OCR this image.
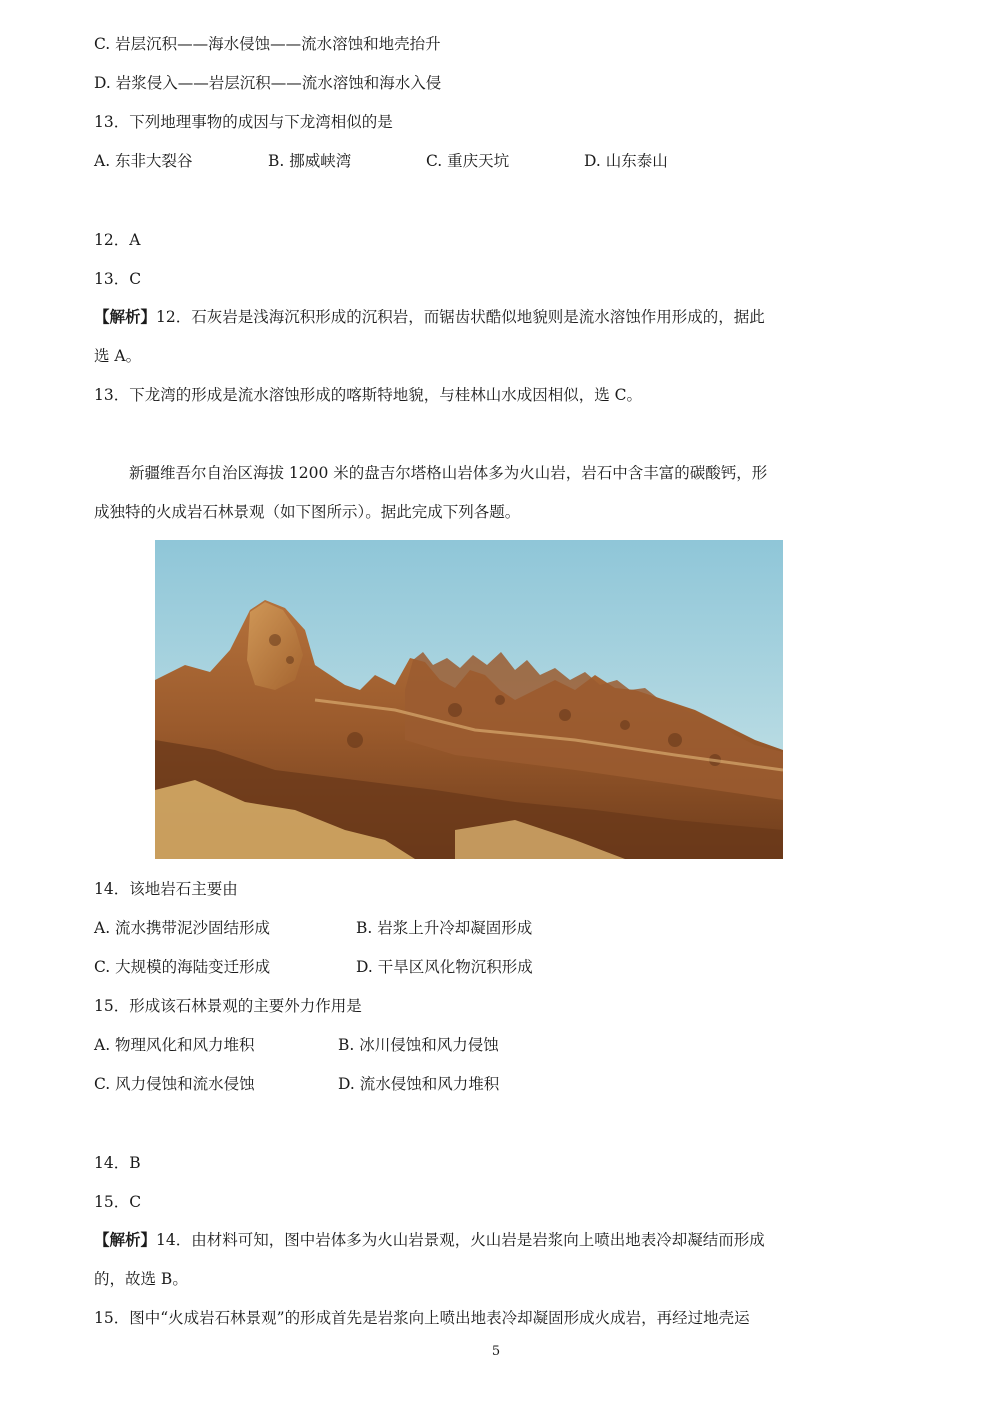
C. 岩层沉积——海水侵蚀——流水溶蚀和地壳抬升
D. 岩浆侵入——岩层沉积——流水溶蚀和海水入侵
13．下列地理事物的成因与下龙湾相似的是
A. 东非大裂谷	B. 挪威峡湾	C. 重庆天坑	D. 山东泰山
12．A
13．C
【解析】12．石灰岩是浅海沉积形成的沉积岩，而锯齿状酷似地貌则是流水溶蚀作用形成的，据此
选 A。
13．下龙湾的形成是流水溶蚀形成的喀斯特地貌，与桂林山水成因相似，选 C。
新疆维吾尔自治区海拔 1200 米的盘吉尔塔格山岩体多为火山岩，岩石中含丰富的碳酸钙，形
成独特的火成岩石林景观（如下图所示）。据此完成下列各题。
14．该地岩石主要由
A. 流水携带泥沙固结形成	B. 岩浆上升冷却凝固形成
C. 大规模的海陆变迁形成	D. 干旱区风化物沉积形成
15．形成该石林景观的主要外力作用是
A. 物理风化和风力堆积	B. 冰川侵蚀和风力侵蚀
C. 风力侵蚀和流水侵蚀	D. 流水侵蚀和风力堆积
14．B
15．C
【解析】14．由材料可知，图中岩体多为火山岩景观，火山岩是岩浆向上喷出地表冷却凝结而形成
的，故选 B。
15．图中“火成岩石林景观”的形成首先是岩浆向上喷出地表冷却凝固形成火成岩，再经过地壳运
5
